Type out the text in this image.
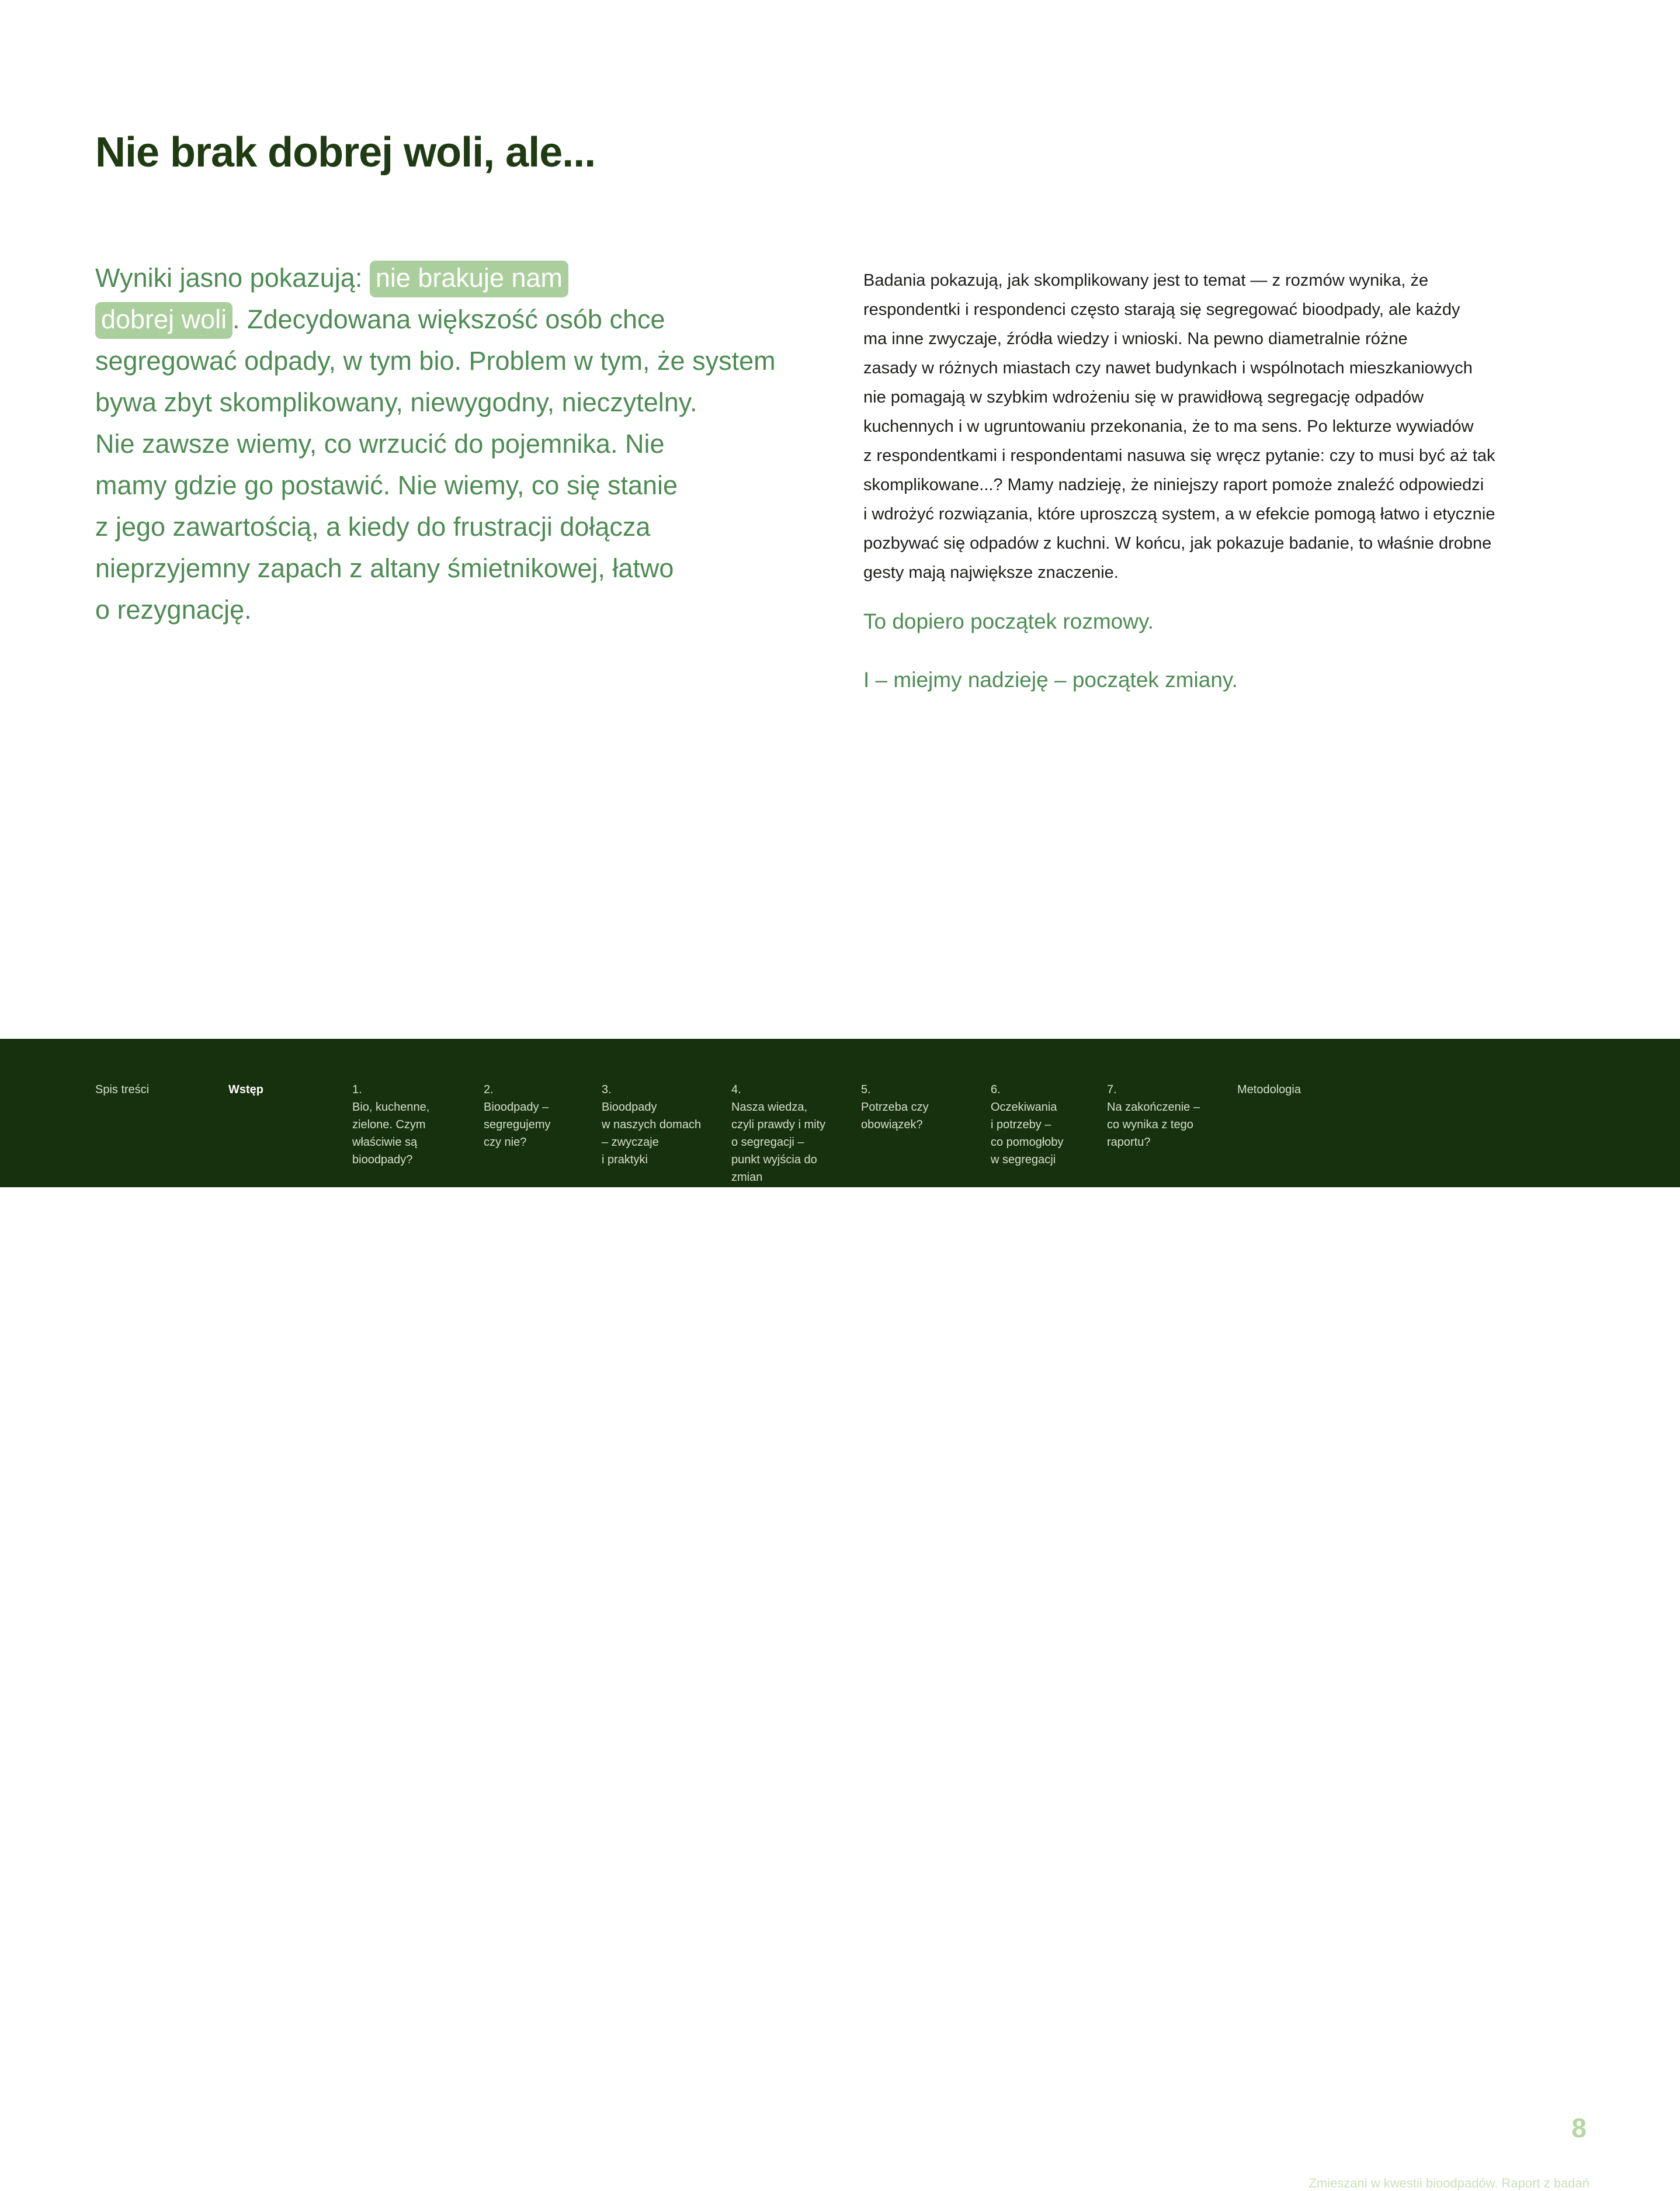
Nie brak dobrej woli, ale...

Wyniki jasno pokazują: nie brakuje nam
dobrej woli . Zdecydowana większość osób chce
segregować odpady, w tym bio. Problem w tym, że system
bywa zbyt skomplikowany, niewygodny, nieczytelny.
Nie zawsze wiemy, co wrzucić do pojemnika. Nie
mamy gdzie go postawić. Nie wiemy, co się stanie
z jego zawartością, a kiedy do frustracji dołącza
nieprzyjemny zapach z altany śmietnikowej, łatwo
o rezygnację.

Badania pokazują, jak skomplikowany jest to temat — z rozmów wynika, że
respondentki i respondenci często starają się segregować bioodpady, ale każdy
ma inne zwyczaje, źródła wiedzy i wnioski. Na pewno diametralnie różne
zasady w różnych miastach czy nawet budynkach i wspólnotach mieszkaniowych
nie pomagają w szybkim wdrożeniu się w prawidłową segregację odpadów
kuchennych i w ugruntowaniu przekonania, że to ma sens. Po lekturze wywiadów
z respondentkami i respondentami nasuwa się wręcz pytanie: czy to musi być aż tak
skomplikowane...? Mamy nadzieję, że niniejszy raport pomoże znaleźć odpowiedzi
i wdrożyć rozwiązania, które uproszczą system, a w efekcie pomogą łatwo i etycznie
pozbywać się odpadów z kuchni. W końcu, jak pokazuje badanie, to właśnie drobne
gesty mają największe znaczenie.

To dopiero początek rozmowy.

I – miejmy nadzieję – początek zmiany.

Spis treści	Wstęp	1.
Bio, kuchenne,
zielone. Czym
właściwie są
bioodpady?
2.
Bioodpady –
segregujemy
czy nie?
3.
Bioodpady
w naszych domach
– zwyczaje
i praktyki
4.
Nasza wiedza,
czyli prawdy i mity
o segregacji –
punkt wyjścia do
zmian
5.
Potrzeba czy
obowiązek?
6.
Oczekiwania
i potrzeby –
co pomogłoby
w segregacji
7.
Na zakończenie –
co wynika z tego
raportu?
Metodologia
8
Zmieszani w kwestii bioodpadów. Raport z badań
